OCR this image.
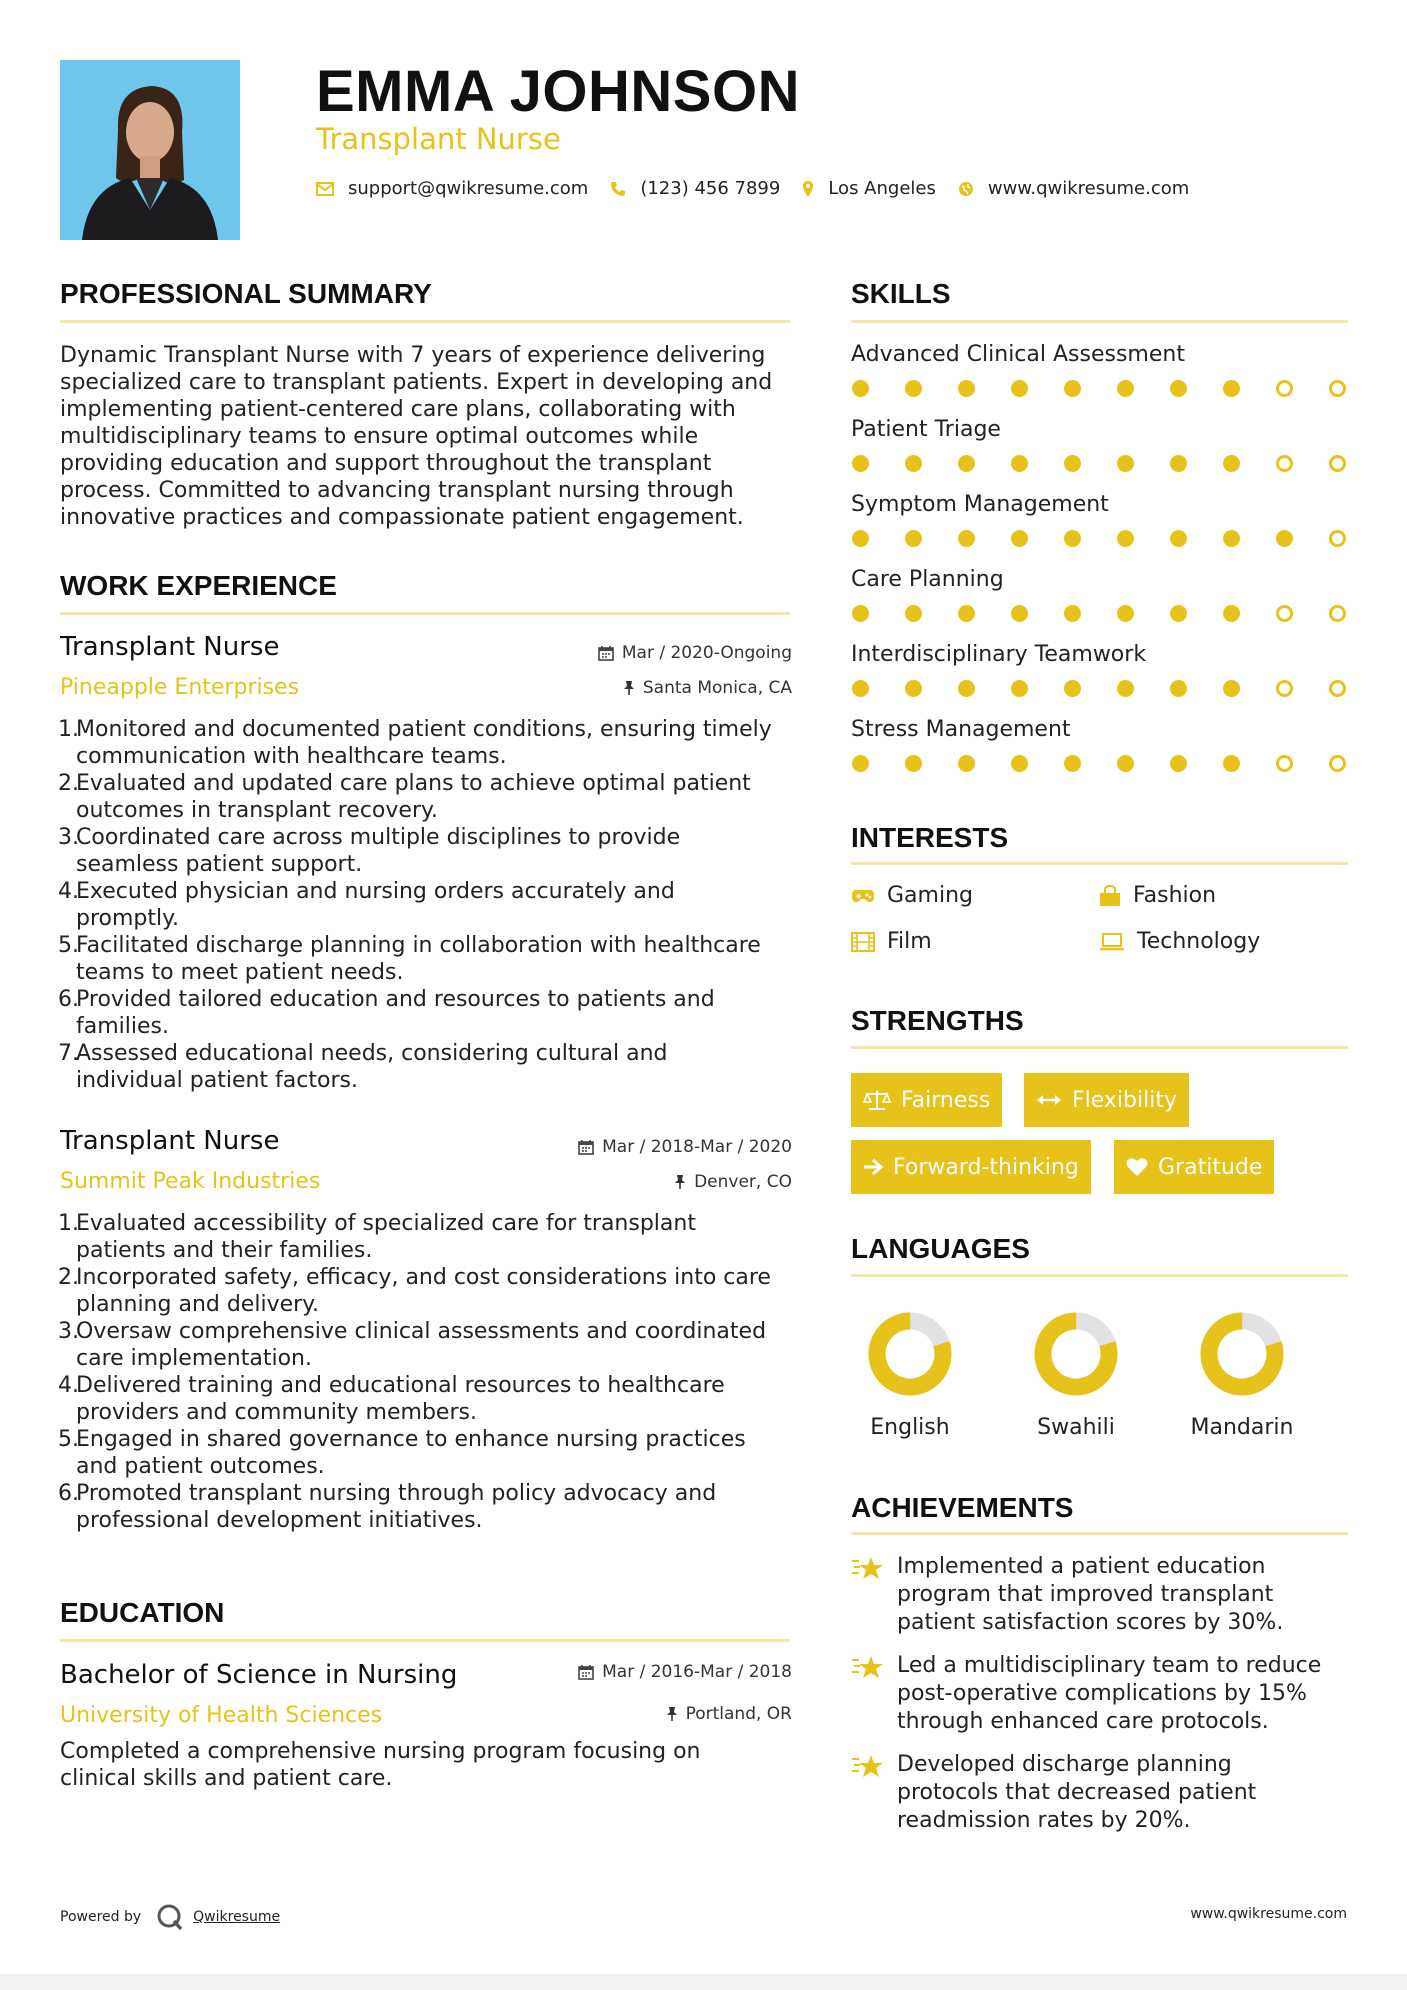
EMMA JOHNSON
Transplant Nurse
support@qwikresume.com	(123) 456 7899	Los Angeles	www.qwikresume.com
PROFESSIONAL SUMMARY
Dynamic Transplant Nurse with 7 years of experience delivering
specialized care to transplant patients. Expert in developing and
implementing patient-centered care plans, collaborating with
multidisciplinary teams to ensure optimal outcomes while
providing education and support throughout the transplant
process. Committed to advancing transplant nursing through
innovative practices and compassionate patient engagement.
WORK EXPERIENCE
Transplant Nurse	Mar / 2020-Ongoing
Pineapple Enterprises	Santa Monica, CA
1.
Monitored and documented patient conditions, ensuring timely
communication with healthcare teams.
2.
Evaluated and updated care plans to achieve optimal patient
outcomes in transplant recovery.
3.
Coordinated care across multiple disciplines to provide
seamless patient support.
4.
Executed physician and nursing orders accurately and
promptly.
5.
Facilitated discharge planning in collaboration with healthcare
teams to meet patient needs.
6.
Provided tailored education and resources to patients and
families.
7.
Assessed educational needs, considering cultural and
individual patient factors.
Transplant Nurse	Mar / 2018-Mar / 2020
Summit Peak Industries	Denver, CO
1.
Evaluated accessibility of specialized care for transplant
patients and their families.
2.
Incorporated safety, efficacy, and cost considerations into care
planning and delivery.
3.
Oversaw comprehensive clinical assessments and coordinated
care implementation.
4.
Delivered training and educational resources to healthcare
providers and community members.
5.
Engaged in shared governance to enhance nursing practices
and patient outcomes.
6.
Promoted transplant nursing through policy advocacy and
professional development initiatives.
EDUCATION
Bachelor of Science in Nursing	Mar / 2016-Mar / 2018
University of Health Sciences	Portland, OR
Completed a comprehensive nursing program focusing on
clinical skills and patient care.
SKILLS
Advanced Clinical Assessment
Patient Triage
Symptom Management
Care Planning
Interdisciplinary Teamwork
Stress Management
INTERESTS
Gaming	Fashion
Film	Technology
STRENGTHS
Fairness	Flexibility
Forward-thinking	Gratitude
LANGUAGES
English	Swahili	Mandarin
ACHIEVEMENTS
Implemented a patient education
program that improved transplant
patient satisfaction scores by 30%.
Led a multidisciplinary team to reduce
post-operative complications by 15%
through enhanced care protocols.
Developed discharge planning
protocols that decreased patient
readmission rates by 20%.
Powered by	Qwikresume	www.qwikresume.com
